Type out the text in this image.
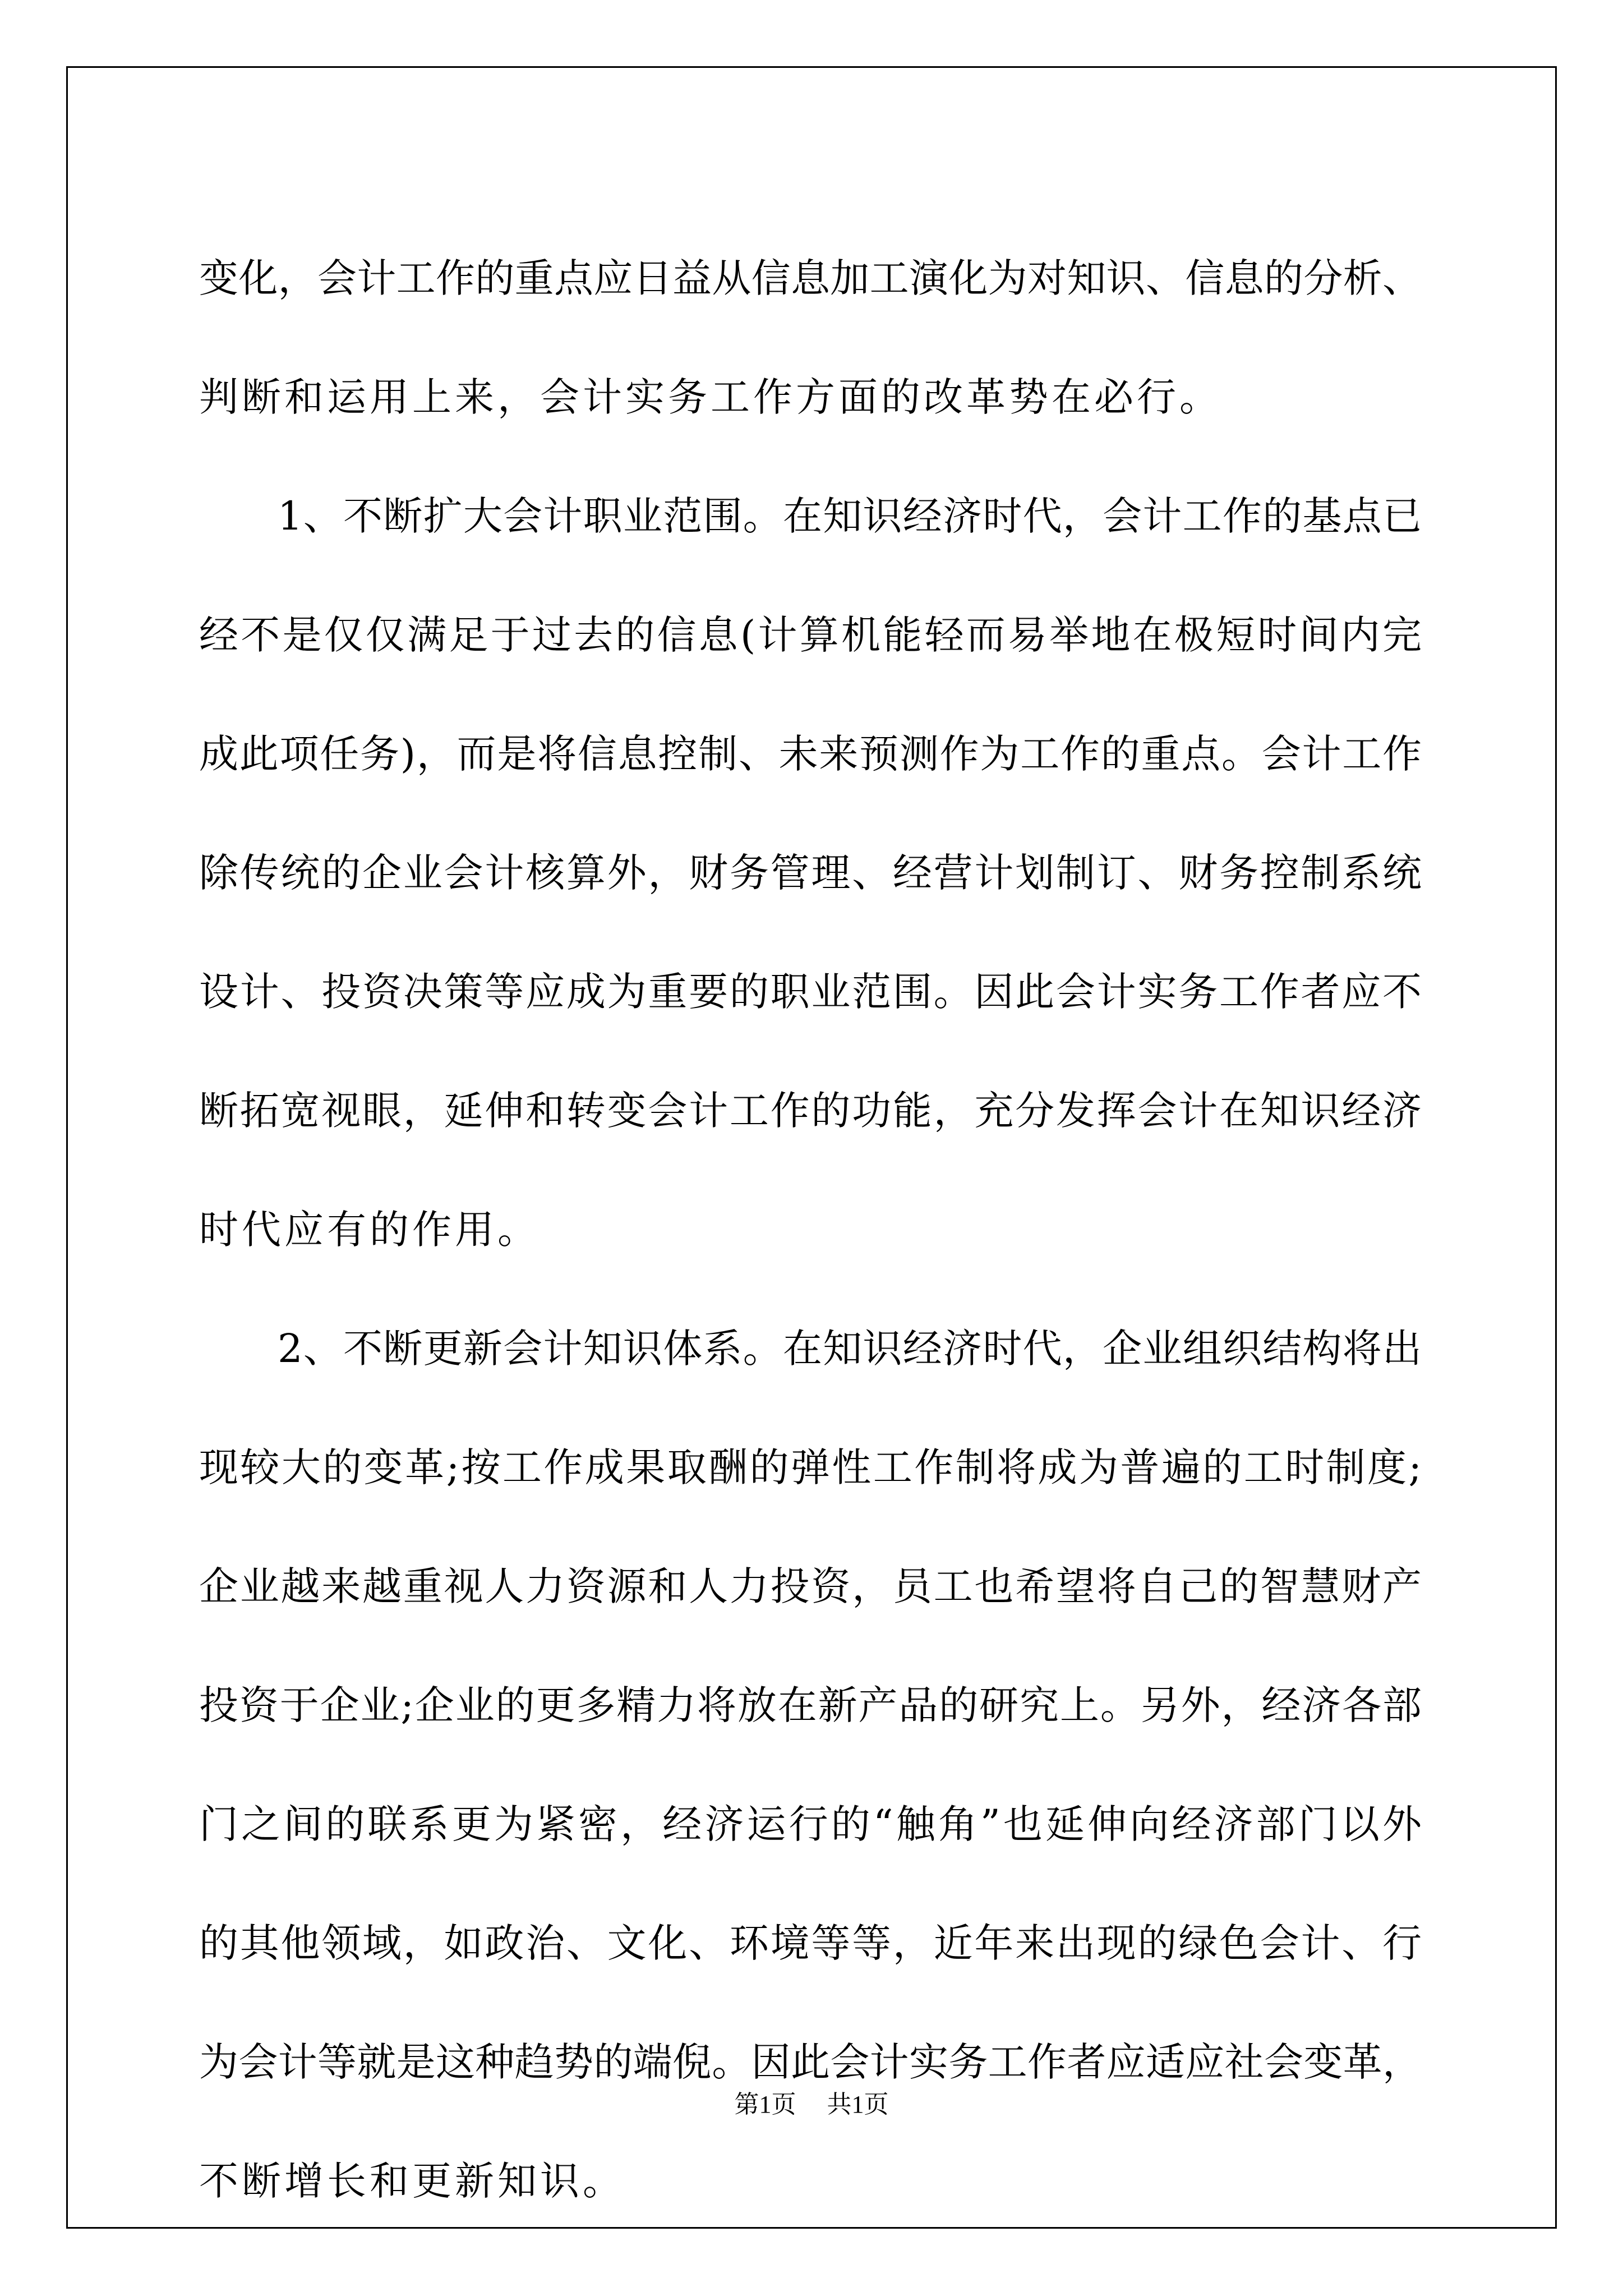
变化，会计工作的重点应日益从信息加工演化为对知识、信息的分析、
判断和运用上来，会计实务工作方面的改革势在必行。
1、不断扩大会计职业范围。在知识经济时代，会计工作的基点已
经不是仅仅满足于过去的信息(计算机能轻而易举地在极短时间内完
成此项任务)，而是将信息控制、未来预测作为工作的重点。会计工作
除传统的企业会计核算外，财务管理、经营计划制订、财务控制系统
设计、投资决策等应成为重要的职业范围。因此会计实务工作者应不
断拓宽视眼，延伸和转变会计工作的功能，充分发挥会计在知识经济
时代应有的作用。
2、不断更新会计知识体系。在知识经济时代，企业组织结构将出
现较大的变革;按工作成果取酬的弹性工作制将成为普遍的工时制度;
企业越来越重视人力资源和人力投资，员工也希望将自己的智慧财产
投资于企业;企业的更多精力将放在新产品的研究上。另外，经济各部
门之间的联系更为紧密，经济运行的“触角”也延伸向经济部门以外
的其他领域，如政治、文化、环境等等，近年来出现的绿色会计、行
为会计等就是这种趋势的端倪。因此会计实务工作者应适应社会变革，
不断增长和更新知识。
第1页 共1页
